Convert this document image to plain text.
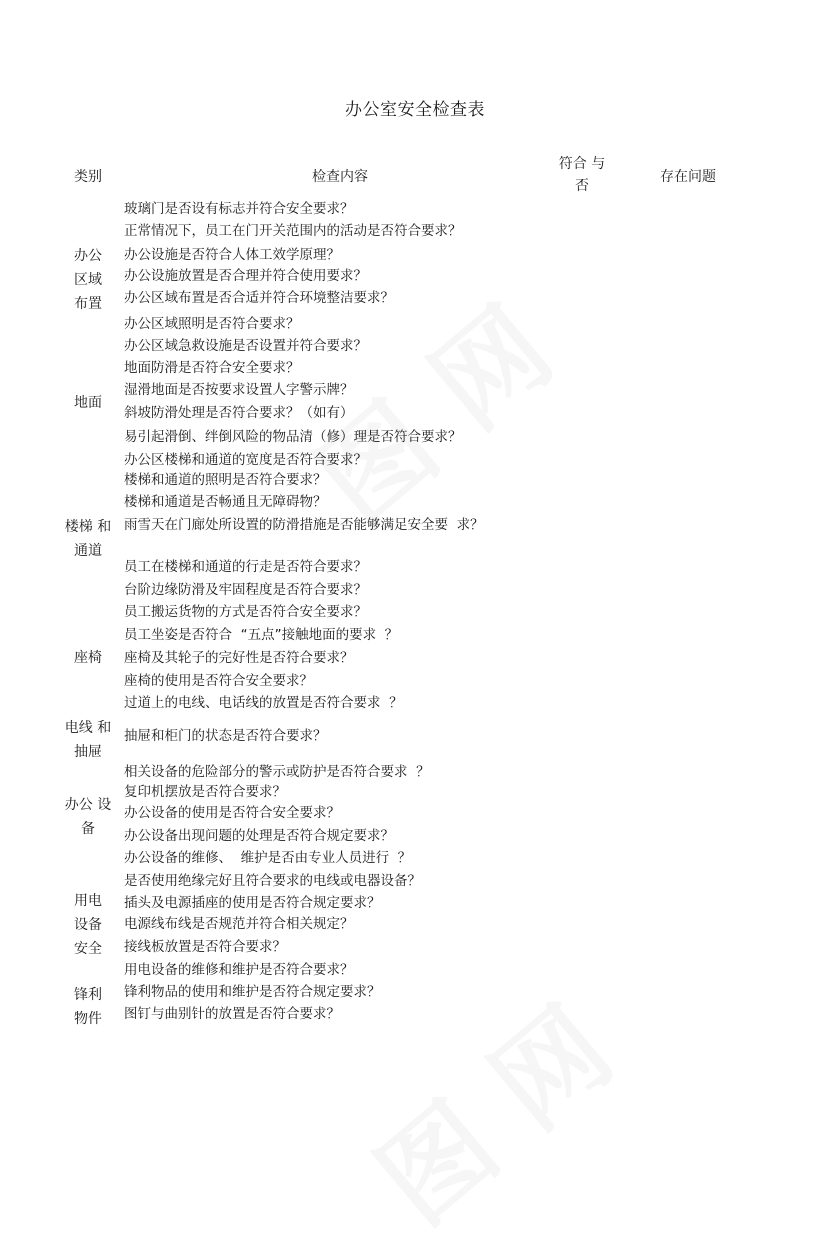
办公室安全检查表
类别	检查内容
符合 与
否
存在问题
办公
区域
布置
地面
楼梯 和
通道
座椅
电线 和
抽屉
办公 设
备
用电
设备
安全
锋利
物件
玻璃门是否设有标志并符合安全要求？
正常情况下，员工在门开关范围内的活动是否符合要求？
办公设施是否符合人体工效学原理？
办公设施放置是否合理并符合使用要求？
办公区域布置是否合适并符合环境整洁要求？
办公区域照明是否符合要求？
办公区域急救设施是否设置并符合要求？
地面防滑是否符合安全要求？
湿滑地面是否按要求设置人字警示牌？
斜坡防滑处理是否符合要求？（如有）
易引起滑倒、绊倒风险的物品清（修）理是否符合要求？
办公区楼梯和通道的宽度是否符合要求？
楼梯和通道的照明是否符合要求？
楼梯和通道是否畅通且无障碍物？
雨雪天在门廊处所设置的防滑措施是否能够满足安全要  求？
员工在楼梯和通道的行走是否符合要求？
台阶边缘防滑及牢固程度是否符合要求？
员工搬运货物的方式是否符合安全要求？
员工坐姿是否符合  “五点”接触地面的要求  ？
座椅及其轮子的完好性是否符合要求？
座椅的使用是否符合安全要求？
过道上的电线、电话线的放置是否符合要求  ？
抽屉和柜门的状态是否符合要求？
相关设备的危险部分的警示或防护是否符合要求  ？
复印机摆放是否符合要求？
办公设备的使用是否符合安全要求？
办公设备出现问题的处理是否符合规定要求？
办公设备的维修、  维护是否由专业人员进行  ？
是否使用绝缘完好且符合要求的电线或电器设备？
插头及电源插座的使用是否符合规定要求？
电源线布线是否规范并符合相关规定？
接线板放置是否符合要求？
用电设备的维修和维护是否符合要求？
锋利物品的使用和维护是否符合规定要求？
图钉与曲别针的放置是否符合要求？
